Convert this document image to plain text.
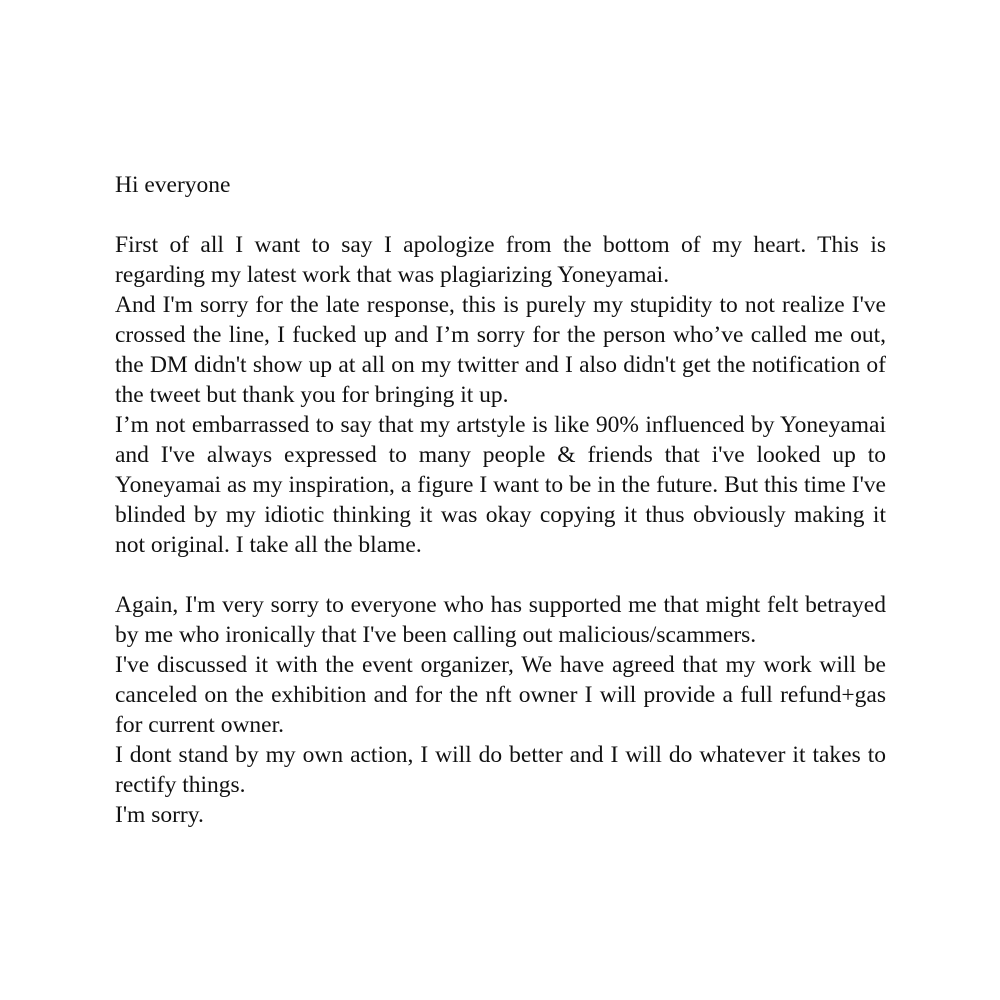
Hi everyone

First of all I want to say I apologize from the bottom of my heart. This is regarding my latest work that was plagiarizing Yoneyamai.

And I'm sorry for the late response, this is purely my stupidity to not realize I've crossed the line, I fucked up and I’m sorry for the person who’ve called me out, the DM didn't show up at all on my twitter and I also didn't get the notification of the tweet but thank you for bringing it up.

I’m not embarrassed to say that my artstyle is like 90% influenced by Yoneyamai and I've always expressed to many people & friends that i've looked up to Yoneyamai as my inspiration, a figure I want to be in the future. But this time I've blinded by my idiotic thinking it was okay copying it thus obviously making it not original. I take all the blame.

Again, I'm very sorry to everyone who has supported me that might felt betrayed by me who ironically that I've been calling out malicious/scammers.

I've discussed it with the event organizer, We have agreed that my work will be canceled on the exhibition and for the nft owner I will provide a full refund+gas for current owner.

I dont stand by my own action, I will do better and I will do whatever it takes to rectify things.

I'm sorry.
